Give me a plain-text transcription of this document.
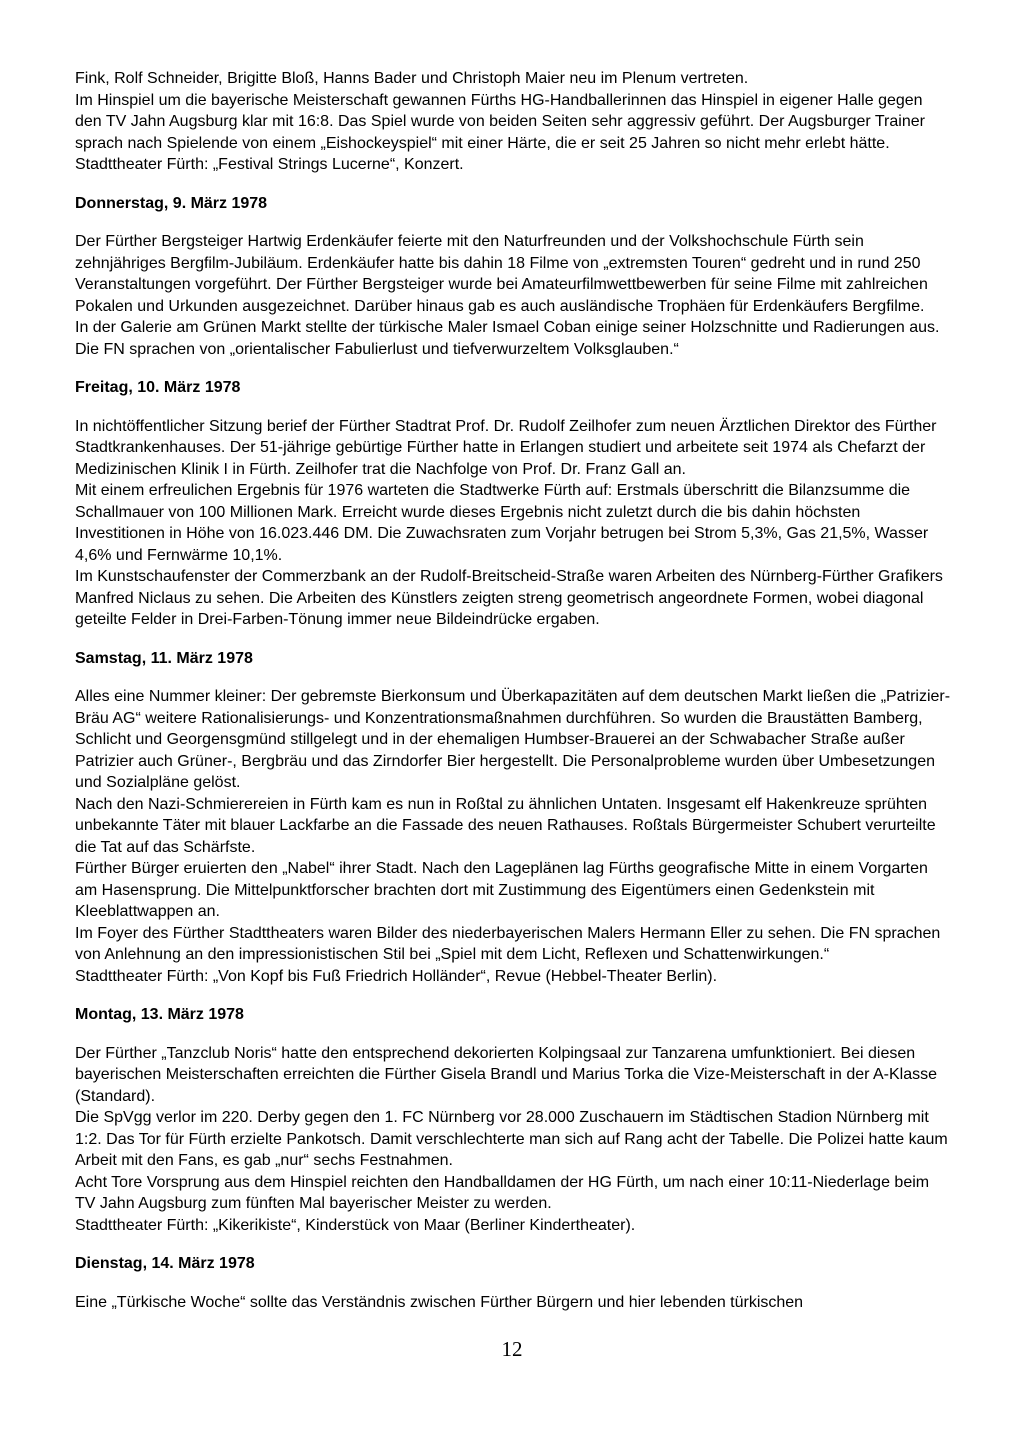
Fink, Rolf Schneider, Brigitte Bloß, Hanns Bader und Christoph Maier neu im Plenum vertreten.

Im Hinspiel um die bayerische Meisterschaft gewannen Fürths HG-Handballerinnen das Hinspiel in eigener Halle gegen den TV Jahn Augsburg klar mit 16:8. Das Spiel wurde von beiden Seiten sehr aggressiv geführt. Der Augsburger Trainer sprach nach Spielende von einem „Eishockeyspiel“ mit einer Härte, die er seit 25 Jahren so nicht mehr erlebt hätte.

Stadttheater Fürth: „Festival Strings Lucerne“, Konzert.

Donnerstag, 9. März 1978

Der Fürther Bergsteiger Hartwig Erdenkäufer feierte mit den Naturfreunden und der Volkshochschule Fürth sein zehnjähriges Bergfilm-Jubiläum. Erdenkäufer hatte bis dahin 18 Filme von „extremsten Touren“ gedreht und in rund 250 Veranstaltungen vorgeführt. Der Fürther Bergsteiger wurde bei Amateurfilmwettbewerben für seine Filme mit zahlreichen Pokalen und Urkunden ausgezeichnet. Darüber hinaus gab es auch ausländische Trophäen für Erdenkäufers Bergfilme.

In der Galerie am Grünen Markt stellte der türkische Maler Ismael Coban einige seiner Holzschnitte und Radierungen aus. Die FN sprachen von „orientalischer Fabulierlust und tiefverwurzeltem Volksglauben.“

Freitag, 10. März 1978

In nichtöffentlicher Sitzung berief der Fürther Stadtrat Prof. Dr. Rudolf Zeilhofer zum neuen Ärztlichen Direktor des Fürther Stadtkrankenhauses. Der 51-jährige gebürtige Fürther hatte in Erlangen studiert und arbeitete seit 1974 als Chefarzt der Medizinischen Klinik I in Fürth. Zeilhofer trat die Nachfolge von Prof. Dr. Franz Gall an.

Mit einem erfreulichen Ergebnis für 1976 warteten die Stadtwerke Fürth auf: Erstmals überschritt die Bilanzsumme die Schallmauer von 100 Millionen Mark. Erreicht wurde dieses Ergebnis nicht zuletzt durch die bis dahin höchsten Investitionen in Höhe von 16.023.446 DM. Die Zuwachsraten zum Vorjahr betrugen bei Strom 5,3%, Gas 21,5%, Wasser 4,6% und Fernwärme 10,1%.

Im Kunstschaufenster der Commerzbank an der Rudolf-Breitscheid-Straße waren Arbeiten des Nürnberg-Fürther Grafikers Manfred Niclaus zu sehen. Die Arbeiten des Künstlers zeigten streng geometrisch angeordnete Formen, wobei diagonal geteilte Felder in Drei-Farben-Tönung immer neue Bildeindrücke ergaben.

Samstag, 11. März 1978

Alles eine Nummer kleiner: Der gebremste Bierkonsum und Überkapazitäten auf dem deutschen Markt ließen die „Patrizier-Bräu AG“ weitere Rationalisierungs- und Konzentrationsmaßnahmen durchführen. So wurden die Braustätten Bamberg, Schlicht und Georgensgmünd stillgelegt und in der ehemaligen Humbser-Brauerei an der Schwabacher Straße außer Patrizier auch Grüner-, Bergbräu und das Zirndorfer Bier hergestellt. Die Personalprobleme wurden über Umbesetzungen und Sozialpläne gelöst.

Nach den Nazi-Schmierereien in Fürth kam es nun in Roßtal zu ähnlichen Untaten. Insgesamt elf Hakenkreuze sprühten unbekannte Täter mit blauer Lackfarbe an die Fassade des neuen Rathauses. Roßtals Bürgermeister Schubert verurteilte die Tat auf das Schärfste.

Fürther Bürger eruierten den „Nabel“ ihrer Stadt. Nach den Lageplänen lag Fürths geografische Mitte in einem Vorgarten am Hasensprung. Die Mittelpunktforscher brachten dort mit Zustimmung des Eigentümers einen Gedenkstein mit Kleeblattwappen an.

Im Foyer des Fürther Stadttheaters waren Bilder des niederbayerischen Malers Hermann Eller zu sehen. Die FN sprachen von Anlehnung an den impressionistischen Stil bei „Spiel mit dem Licht, Reflexen und Schattenwirkungen.“

Stadttheater Fürth: „Von Kopf bis Fuß Friedrich Holländer“, Revue (Hebbel-Theater Berlin).

Montag, 13. März 1978

Der Fürther „Tanzclub Noris“ hatte den entsprechend dekorierten Kolpingsaal zur Tanzarena umfunktioniert. Bei diesen bayerischen Meisterschaften erreichten die Fürther Gisela Brandl und Marius Torka die Vize-Meisterschaft in der A-Klasse (Standard).

Die SpVgg verlor im 220. Derby gegen den 1. FC Nürnberg vor 28.000 Zuschauern im Städtischen Stadion Nürnberg mit 1:2. Das Tor für Fürth erzielte Pankotsch. Damit verschlechterte man sich auf Rang acht der Tabelle. Die Polizei hatte kaum Arbeit mit den Fans, es gab „nur“ sechs Festnahmen.

Acht Tore Vorsprung aus dem Hinspiel reichten den Handballdamen der HG Fürth, um nach einer 10:11-Niederlage beim TV Jahn Augsburg zum fünften Mal bayerischer Meister zu werden.

Stadttheater Fürth: „Kikerikiste“, Kinderstück von Maar (Berliner Kindertheater).

Dienstag, 14. März 1978

Eine „Türkische Woche“ sollte das Verständnis zwischen Fürther Bürgern und hier lebenden türkischen

12
